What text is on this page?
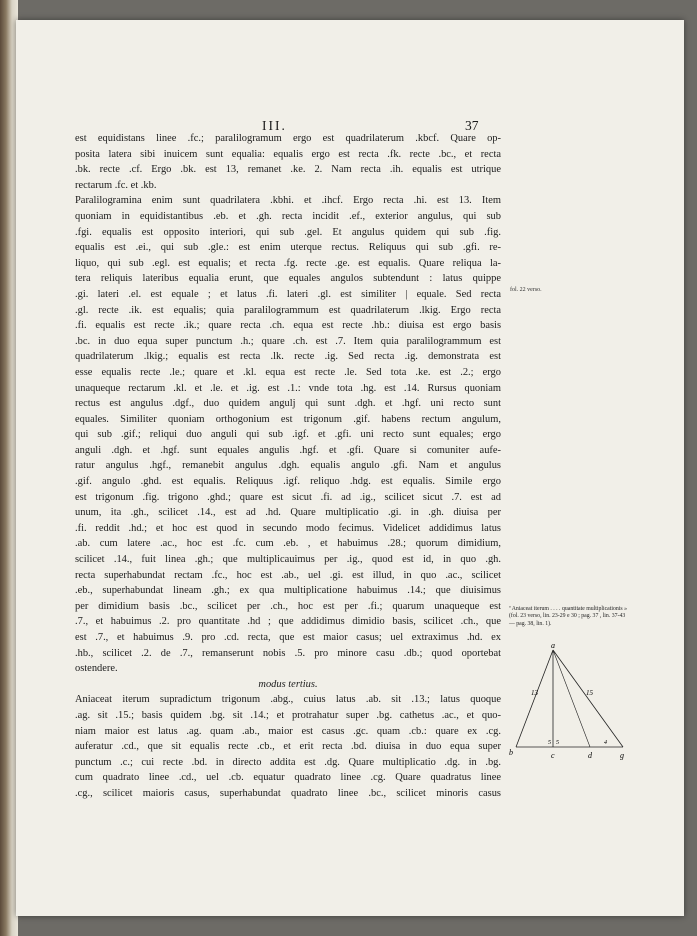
III.	37
est equidistans linee .fc.; paralilogramum ergo est quadrilaterum .kbcf. Quare op-
posita latera sibi inuicem sunt equalia: equalis ergo est recta .fk. recte .bc., et recta
.bk. recte .cf. Ergo .bk. est 13, remanet .ke. 2. Nam recta .ih. equalis est utrique
rectarum .fc. et .kb.
Paralilogramina enim sunt quadrilatera .kbhi. et .ihcf. Ergo recta .hi. est 13. Item
quoniam in equidistantibus .eb. et .gh. recta incidit .ef., exterior angulus, qui sub
.fgi. equalis est opposito interiori, qui sub .gel. Et angulus quidem qui sub .fig.
equalis est .ei., qui sub .gle.: est enim uterque rectus. Reliquus qui sub .gfi. re-
liquo, qui sub .egl. est equalis; et recta .fg. recte .ge. est equalis. Quare reliqua la-
tera reliquis lateribus equalia erunt, que equales angulos subtendunt : latus quippe
.gi. lateri .el. est equale ; et latus .fi. lateri .gl. est similiter | equale. Sed recta
.gl. recte .ik. est equalis; quia paralilogrammum est quadrilaterum .lkig. Ergo recta
.fi. equalis est recte .ik.; quare recta .ch. equa est recte .hb.: diuisa est ergo basis
.bc. in duo equa super punctum .h.; quare .ch. est .7. Item quia paralilogrammum est
quadrilaterum .lkig.; equalis est recta .lk. recte .ig. Sed recta .ig. demonstrata est
esse equalis recte .le.; quare et .kl. equa est recte .le. Sed tota .ke. est .2.; ergo
unaqueque rectarum .kl. et .le. et .ig. est .1.: vnde tota .hg. est .14. Rursus quoniam
rectus est angulus .dgf., duo quidem angulj qui sunt .dgh. et .hgf. uni recto sunt
equales. Similiter quoniam orthogonium est trigonum .gif. habens rectum angulum,
qui sub .gif.; reliqui duo anguli qui sub .igf. et .gfi. uni recto sunt equales; ergo
anguli .dgh. et .hgf. sunt equales angulis .hgf. et .gfi. Quare si comuniter aufe-
ratur angulus .hgf., remanebit angulus .dgh. equalis angulo .gfi. Nam et angulus
.gif. angulo .ghd. est equalis. Reliquus .igf. reliquo .hdg. est equalis. Simile ergo
est trigonum .fig. trigono .ghd.; quare est sicut .fi. ad .ig., scilicet sicut .7. est ad
unum, ita .gh., scilicet .14., est ad .hd. Quare multiplicatio .gi. in .gh. diuisa per
.fi. reddit .hd.; et hoc est quod in secundo modo fecimus. Videlicet addidimus latus
.ab. cum latere .ac., hoc est .fc. cum .eb. , et habuimus .28.; quorum dimidium,
scilicet .14., fuit linea .gh.; que multiplicauimus per .ig., quod est id, in quo .gh.
recta superhabundat rectam .fc., hoc est .ab., uel .gi. est illud, in quo .ac., scilicet
.eb., superhabundat lineam .gh.; ex qua multiplicatione habuimus .14.; que diuisimus
per dimidium basis .bc., scilicet per .ch., hoc est per .fi.; quarum unaqueque est
.7., et habuimus .2. pro quantitate .hd ; que addidimus dimidio basis, scilicet .ch., que
est .7., et habuimus .9. pro .cd. recta, que est maior casus; uel extraximus .hd. ex
.hb., scilicet .2. de .7., remanserunt nobis .5. pro minore casu .db.; quod oportebat
ostendere.
modus tertius.
Aniaceat iterum supradictum trigonum .abg., cuius latus .ab. sit .13.; latus quoque
.ag. sit .15.; basis quidem .bg. sit .14.; et protrahatur super .bg. cathetus .ac., et quo-
niam maior est latus .ag. quam .ab., maior est casus .gc. quam .cb.: quare ex .cg.
auferatur .cd., que sit equalis recte .cb., et erit recta .bd. diuisa in duo equa super
punctum .c.; cui recte .bd. in directo addita est .dg. Quare multiplicatio .dg. in .bg.
cum quadrato linee .cd., uel .cb. equatur quadrato linee .cg. Quare quadratus linee
.cg., scilicet maioris casus, superhabundat quadrato linee .bc., scilicet minoris casus
fol. 22 verso.
ª Aniaceat iterum . . . . quantitate multiplicationis » (fol. 23 verso, lin. 23-29 e 30 ; pag. 37 , lin. 37-43 — pag. 38, lin. 1).
a
b	c	d	g
13	15
5 5	4
